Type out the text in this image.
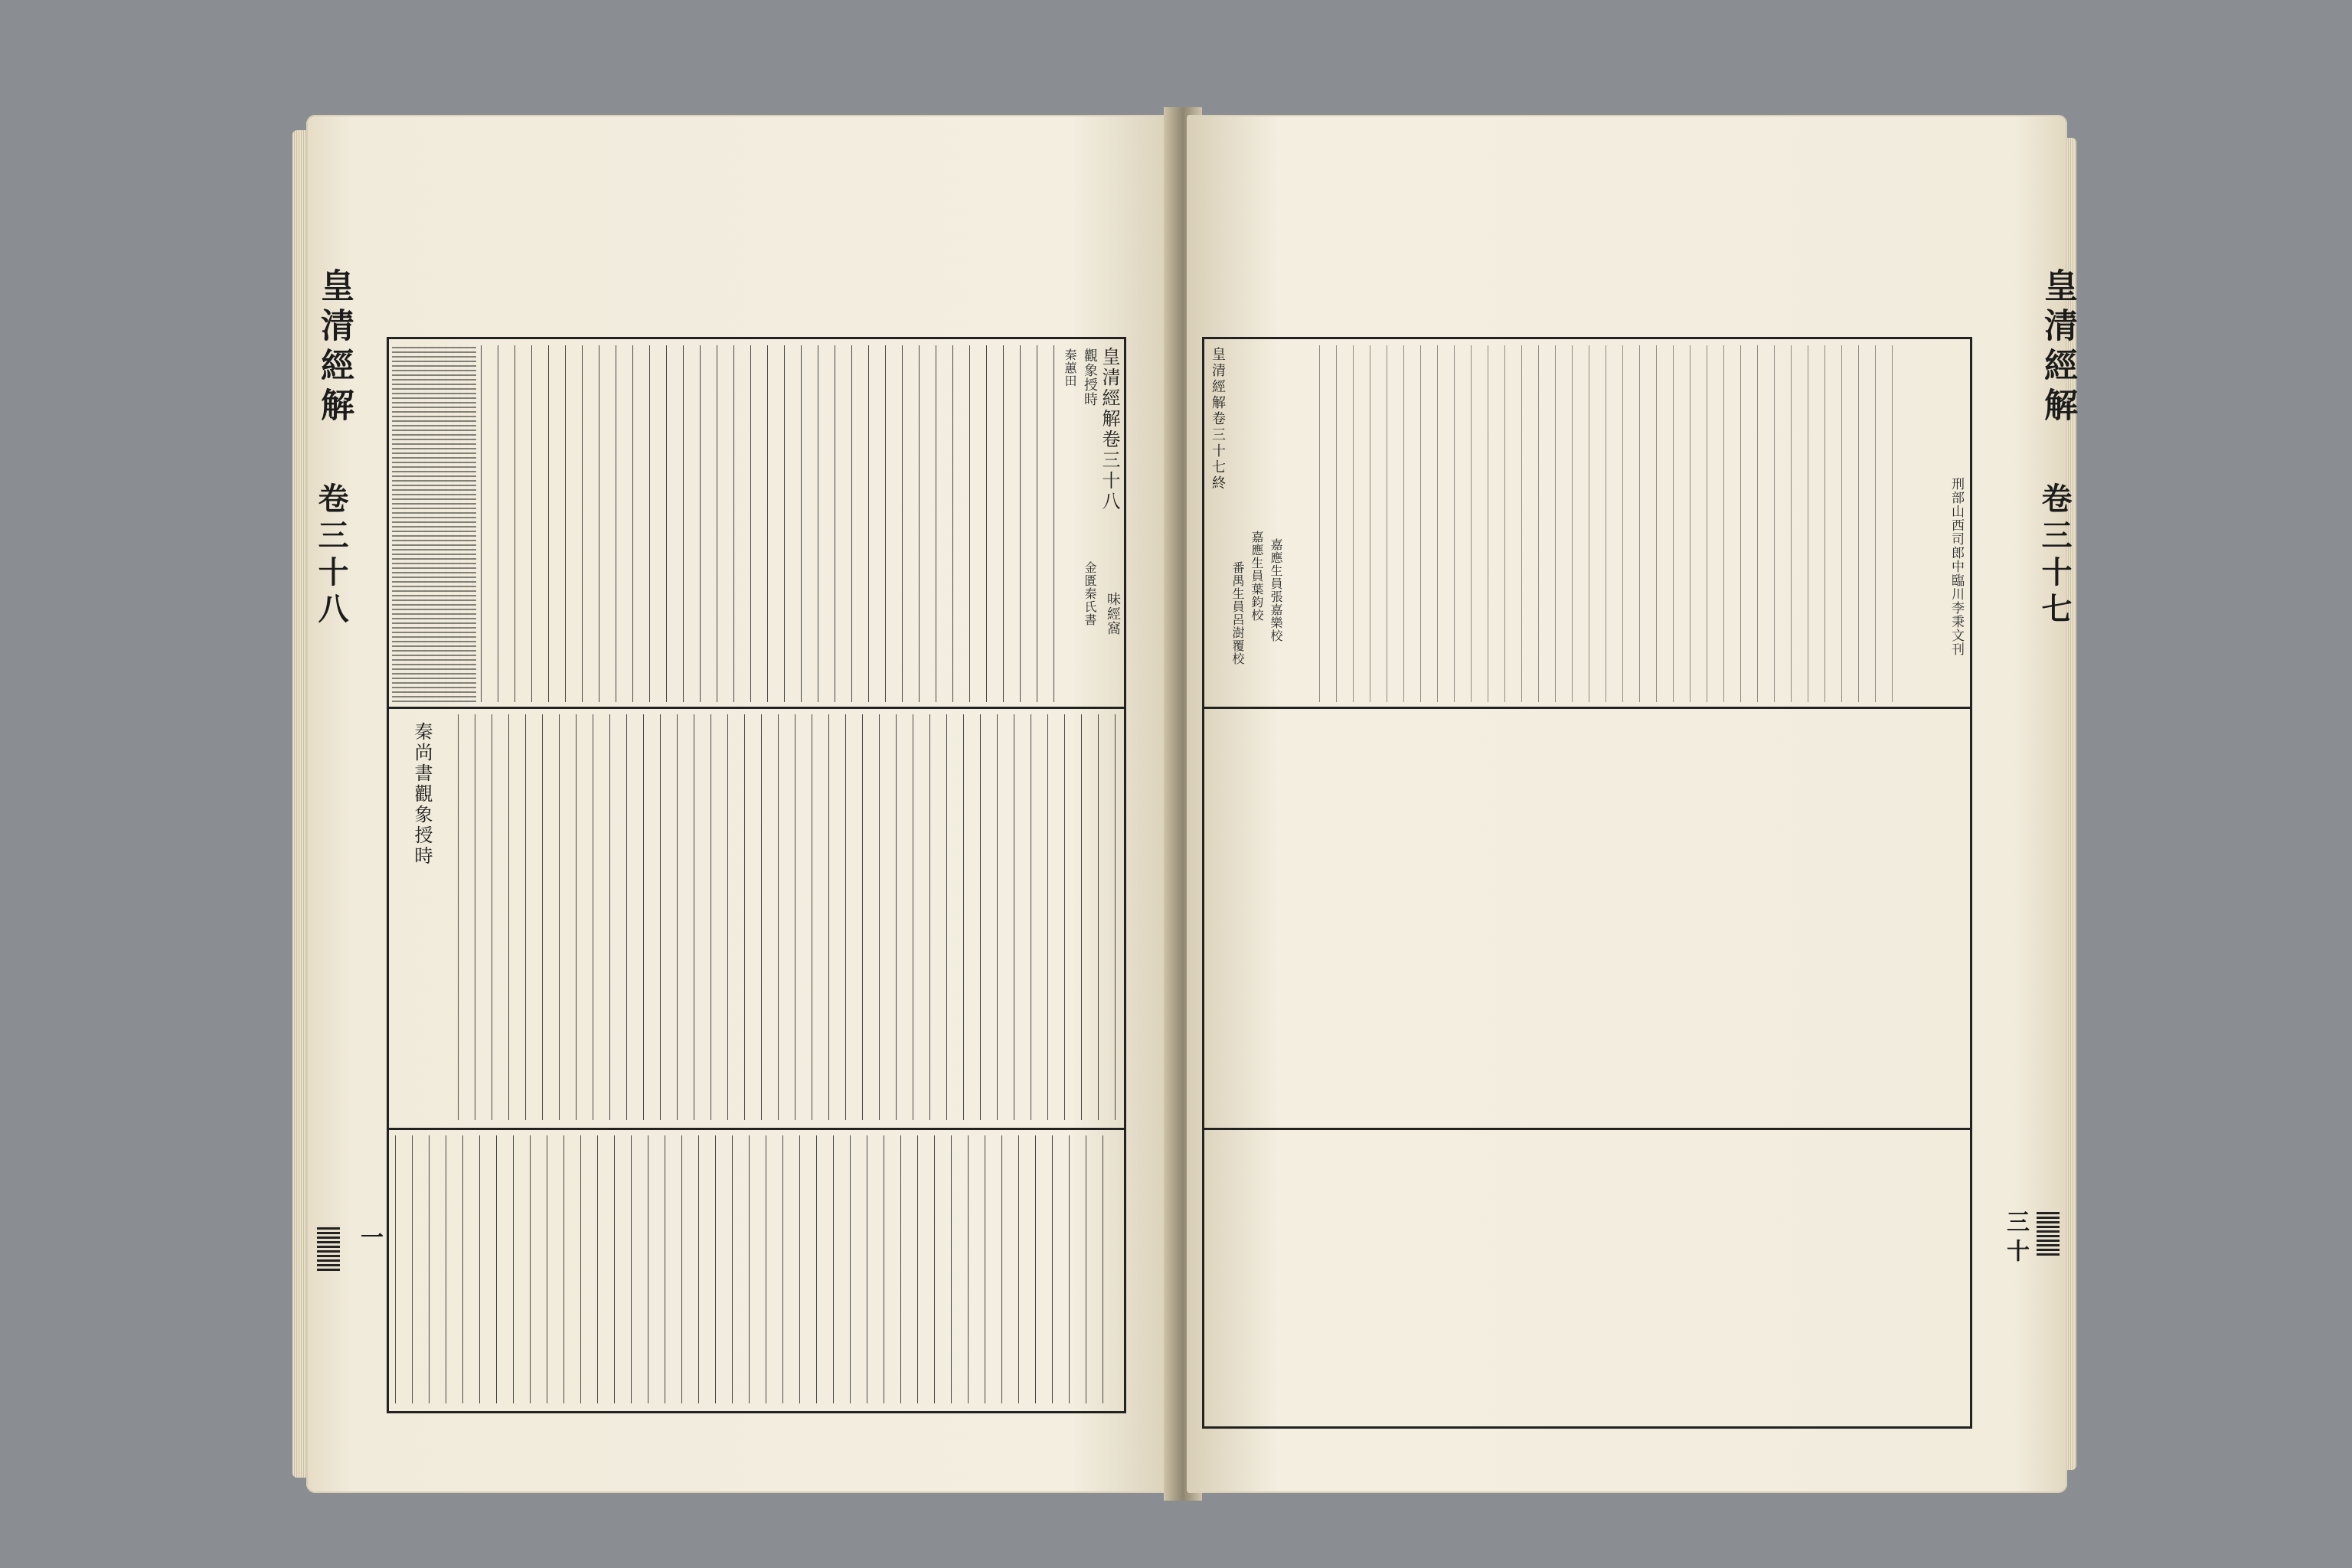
皇清經解
卷三十八
一
皇清經解卷三十八
觀象授時
金匱秦氏書 味經窩
秦蕙田
秦尚書觀象授時
皇清經解
卷三十七
三十
刑部山西司郎中臨川李秉文刊
嘉應生員葉鈞校 嘉應生員張嘉樂校
番禺生員呂澍覆校
皇清經解卷三十七終
